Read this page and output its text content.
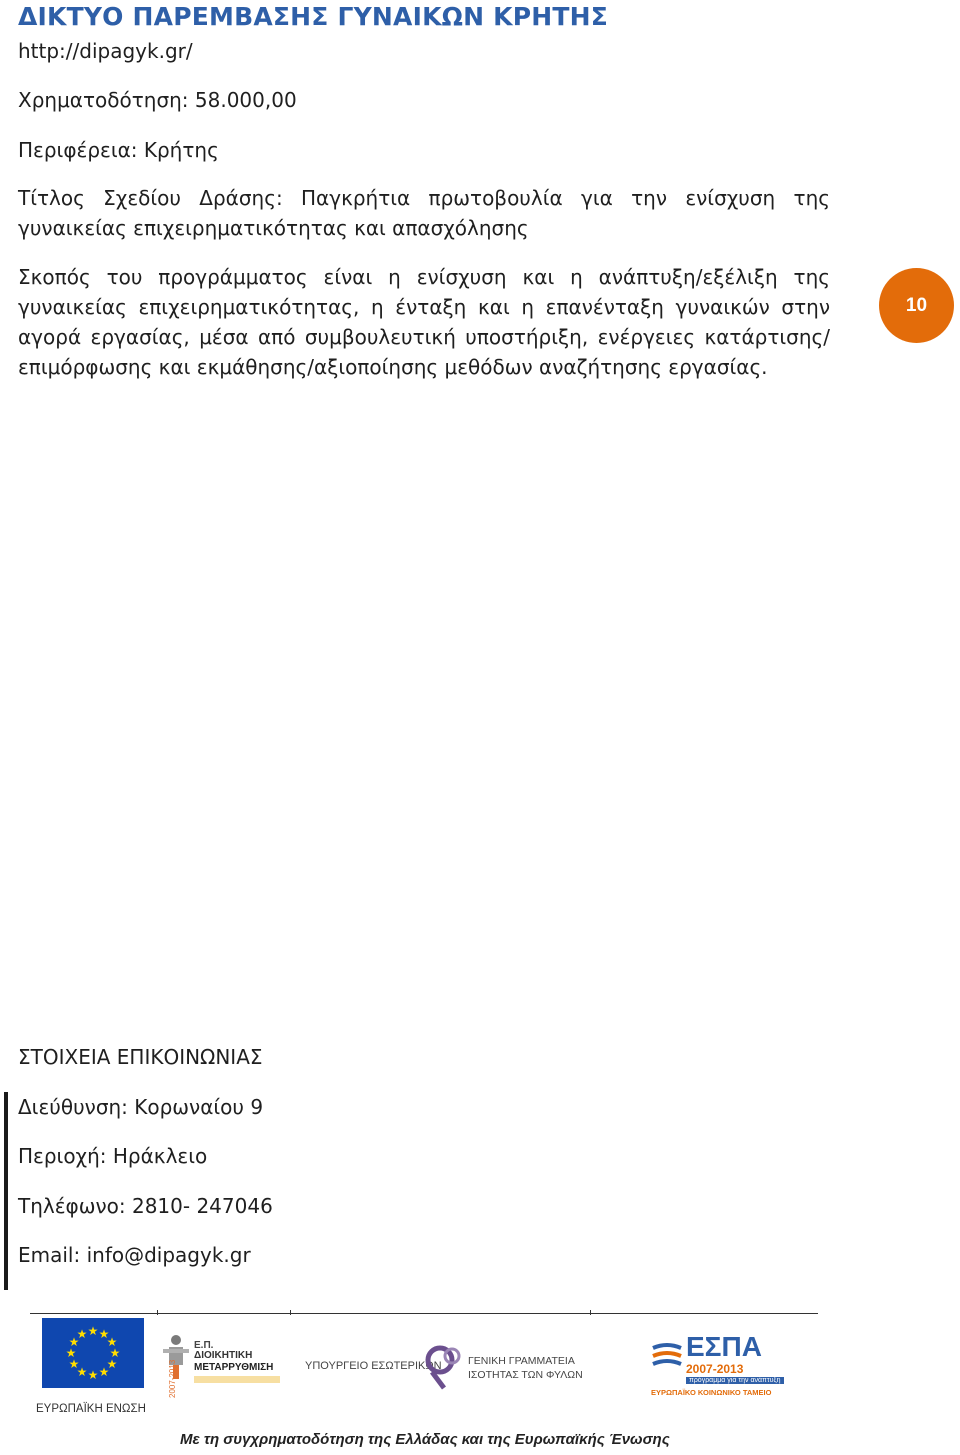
ΔΙΚΤΥΟ ΠΑΡΕΜΒΑΣΗΣ ΓΥΝΑΙΚΩΝ ΚΡΗΤΗΣ
http://dipagyk.gr/
Χρηματοδότηση: 58.000,00
Περιφέρεια: Κρήτης
Τίτλος Σχεδίου Δράσης: Παγκρήτια πρωτοβουλία για την ενίσχυση της γυναικείας επιχειρηματικότητας και απασχόλησης
Σκοπός του προγράμματος είναι η ενίσχυση και η ανάπτυξη/εξέλιξη της γυναικείας επιχειρηματικότητας, η ένταξη και η επανένταξη γυναικών στην αγορά εργασίας, μέσα από συμβουλευτική υποστήριξη, ενέργειες κατάρτισης/επιμόρφωσης και εκμάθησης/αξιοποίησης μεθόδων αναζήτησης εργασίας.
10
ΣΤΟΙΧΕΙΑ ΕΠΙΚΟΙΝΩΝΙΑΣ
Διεύθυνση: Κορωναίου 9
Περιοχή: Ηράκλειο
Τηλέφωνο: 2810- 247046
Email: info@dipagyk.gr
★ ★
★
★
★
★
★
★
★
★
★
★
ΕΥΡΩΠΑΪΚΗ ΕΝΩΣΗ
2007-2013
Ε.Π.
ΔΙΟΙΚΗΤΙΚΗ
ΜΕΤΑΡΡΥΘΜΙΣΗ	ΥΠΟΥΡΓΕΙΟ ΕΣΩΤΕΡΙΚΩΝ	ΓΕΝΙΚΗ ΓΡΑΜΜΑΤΕΙΑ
ΙΣΟΤΗΤΑΣ ΤΩΝ ΦΥΛΩΝ
ΕΣΠΑ
2007-2013
πρόγραμμα για την ανάπτυξη
ΕΥΡΩΠΑΪΚΟ ΚΟΙΝΩΝΙΚΟ ΤΑΜΕΙΟ
Με τη συγχρηματοδότηση της Ελλάδας και της Ευρωπαϊκής Ένωσης
